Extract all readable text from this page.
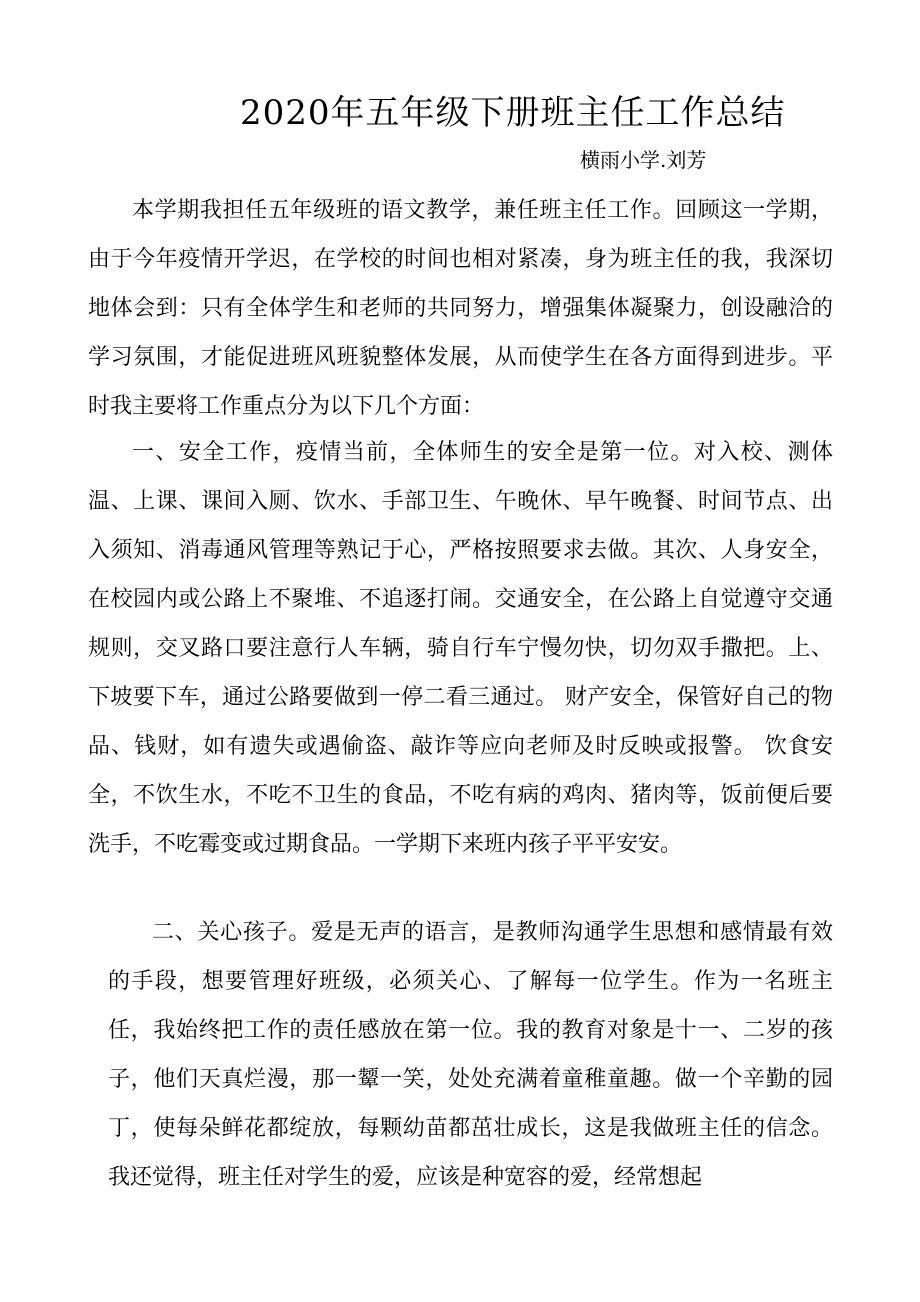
2020年五年级下册班主任工作总结
横雨小学.刘芳

本学期我担任五年级班的语文教学，兼任班主任工作。回顾这一学期，由于今年疫情开学迟，在学校的时间也相对紧凑，身为班主任的我，我深切地体会到：只有全体学生和老师的共同努力，增强集体凝聚力，创设融洽的学习氛围，才能促进班风班貌整体发展，从而使学生在各方面得到进步。平时我主要将工作重点分为以下几个方面：

一、安全工作，疫情当前，全体师生的安全是第一位。对入校、测体温、上课、课间入厕、饮水、手部卫生、午晚休、早午晚餐、时间节点、出入须知、消毒通风管理等熟记于心，严格按照要求去做。其次、人身安全，在校园内或公路上不聚堆、不追逐打闹。交通安全，在公路上自觉遵守交通规则，交叉路口要注意行人车辆，骑自行车宁慢勿快，切勿双手撒把。上、下坡要下车，通过公路要做到一停二看三通过。 财产安全，保管好自己的物品、钱财，如有遗失或遇偷盗、敲诈等应向老师及时反映或报警。 饮食安全，不饮生水，不吃不卫生的食品，不吃有病的鸡肉、猪肉等，饭前便后要洗手，不吃霉变或过期食品。一学期下来班内孩子平平安安。

二、关心孩子。爱是无声的语言，是教师沟通学生思想和感情最有效的手段，想要管理好班级，必须关心、了解每一位学生。作为一名班主任，我始终把工作的责任感放在第一位。我的教育对象是十一、二岁的孩子，他们天真烂漫，那一颦一笑，处处充满着童稚童趣。做一个辛勤的园丁，使每朵鲜花都绽放，每颗幼苗都茁壮成长，这是我做班主任的信念。我还觉得，班主任对学生的爱，应该是种宽容的爱，经常想起
